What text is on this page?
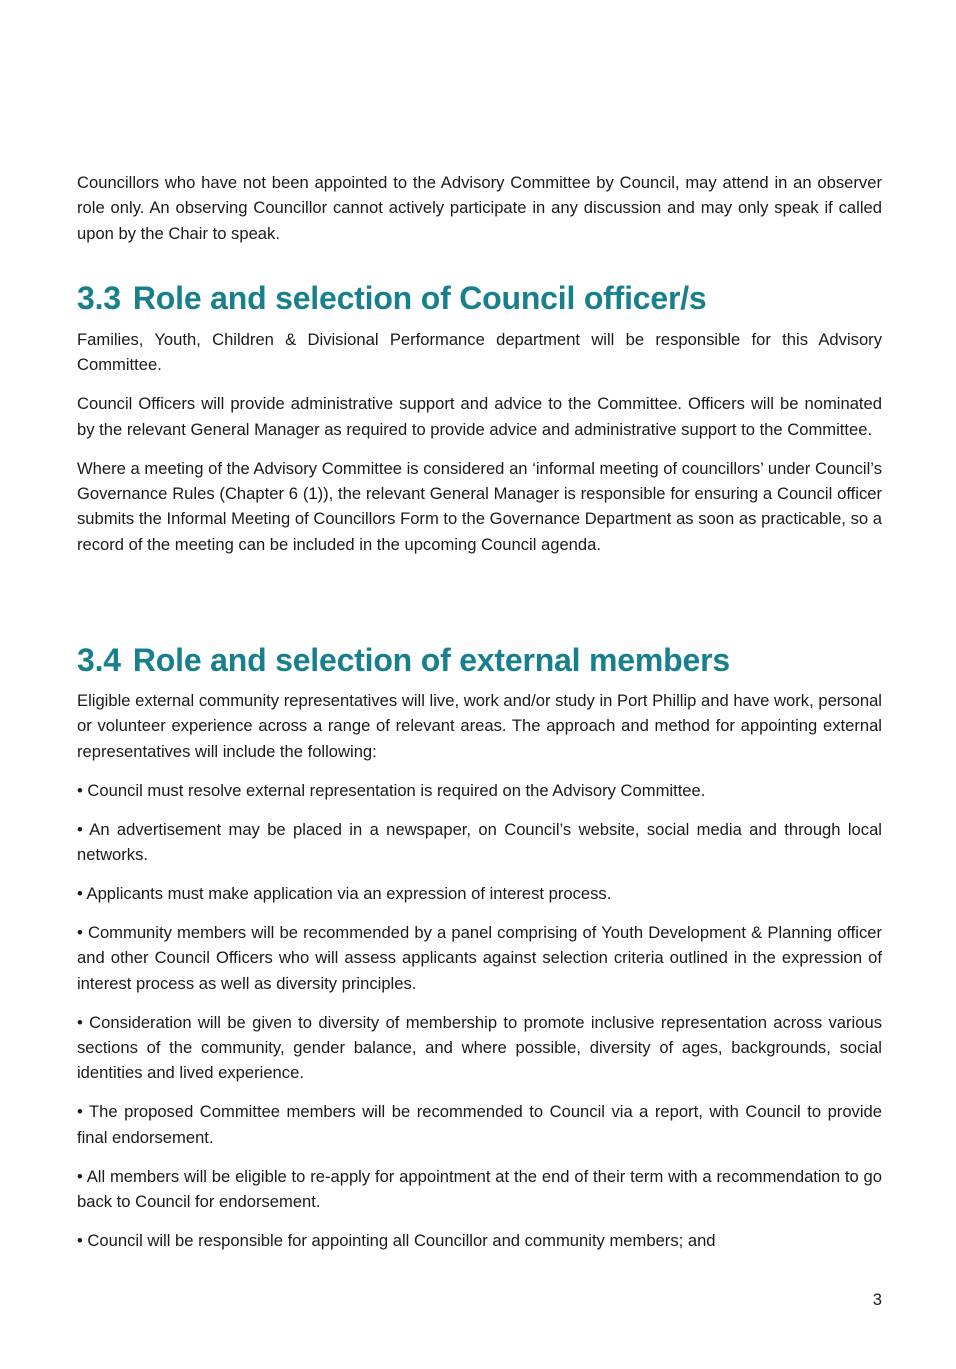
Councillors who have not been appointed to the Advisory Committee by Council, may attend in an observer role only. An observing Councillor cannot actively participate in any discussion and may only speak if called upon by the Chair to speak.

3.3 Role and selection of Council officer/s

Families, Youth, Children & Divisional Performance department will be responsible for this Advisory Committee.

Council Officers will provide administrative support and advice to the Committee. Officers will be nominated by the relevant General Manager as required to provide advice and administrative support to the Committee.

Where a meeting of the Advisory Committee is considered an ‘informal meeting of councillors’ under Council’s Governance Rules (Chapter 6 (1)), the relevant General Manager is responsible for ensuring a Council officer submits the Informal Meeting of Councillors Form to the Governance Department as soon as practicable, so a record of the meeting can be included in the upcoming Council agenda.

3.4 Role and selection of external members

Eligible external community representatives will live, work and/or study in Port Phillip and have work, personal or volunteer experience across a range of relevant areas. The approach and method for appointing external representatives will include the following:

• Council must resolve external representation is required on the Advisory Committee.

• An advertisement may be placed in a newspaper, on Council’s website, social media and through local networks.

• Applicants must make application via an expression of interest process.

• Community members will be recommended by a panel comprising of Youth Development & Planning officer and other Council Officers who will assess applicants against selection criteria outlined in the expression of interest process as well as diversity principles.

• Consideration will be given to diversity of membership to promote inclusive representation across various sections of the community, gender balance, and where possible, diversity of ages, backgrounds, social identities and lived experience.

• The proposed Committee members will be recommended to Council via a report, with Council to provide final endorsement.

• All members will be eligible to re-apply for appointment at the end of their term with a recommendation to go back to Council for endorsement.

• Council will be responsible for appointing all Councillor and community members; and

3
